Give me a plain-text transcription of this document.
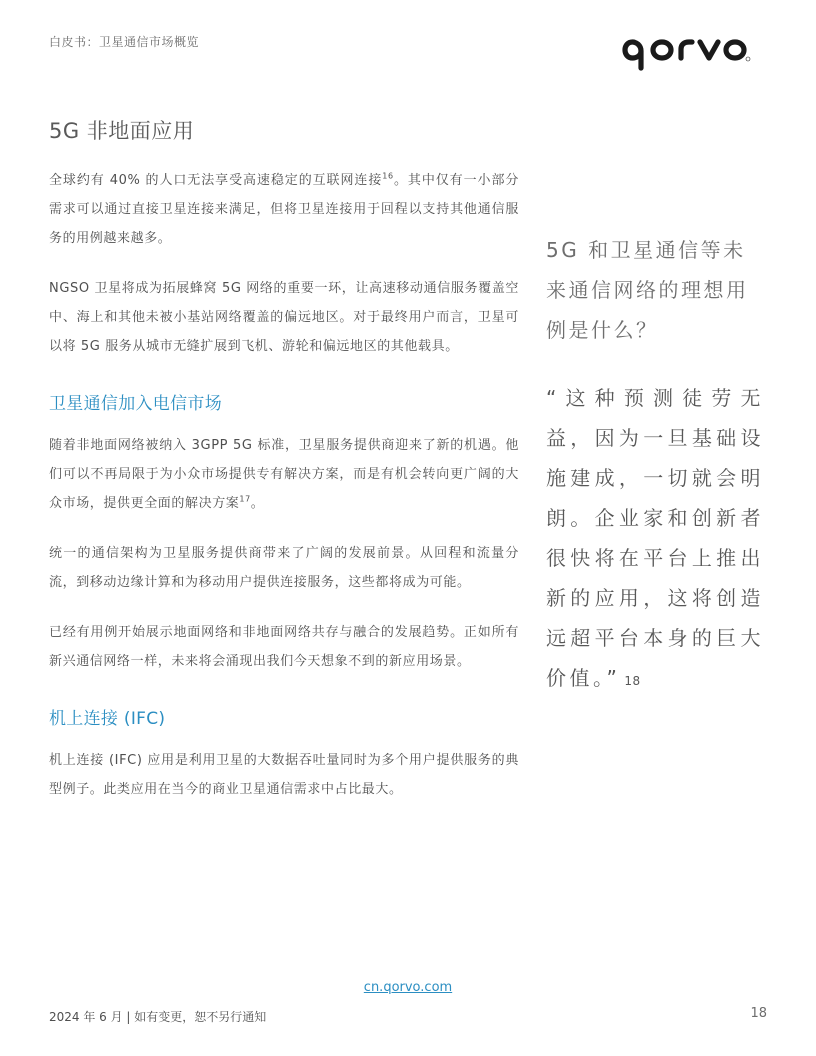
白皮书：卫星通信市场概览
5G 非地面应用

全球约有 40% 的人口无法享受高速稳定的互联网连接$^{16}$。其中仅有一小部分需求可以通过直接卫星连接来满足，但将卫星连接用于回程以支持其他通信服务的用例越来越多。

NGSO 卫星将成为拓展蜂窝 5G 网络的重要一环，让高速移动通信服务覆盖空中、海上和其他未被小基站网络覆盖的偏远地区。对于最终用户而言，卫星可以将 5G 服务从城市无缝扩展到飞机、游轮和偏远地区的其他载具。

卫星通信加入电信市场

随着非地面网络被纳入 3GPP 5G 标准，卫星服务提供商迎来了新的机遇。他们可以不再局限于为小众市场提供专有解决方案，而是有机会转向更广阔的大众市场，提供更全面的解决方案$^{17}$。

统一的通信架构为卫星服务提供商带来了广阔的发展前景。从回程和流量分流，到移动边缘计算和为移动用户提供连接服务，这些都将成为可能。

已经有用例开始展示地面网络和非地面网络共存与融合的发展趋势。正如所有新兴通信网络一样，未来将会涌现出我们今天想象不到的新应用场景。

机上连接 (IFC)

机上连接 (IFC) 应用是利用卫星的大数据吞吐量同时为多个用户提供服务的典型例子。此类应用在当今的商业卫星通信需求中占比最大。

5G 和卫星通信等未来通信网络的理想用例是什么？
“这种预测徒劳无益，因为一旦基础设施建成，一切就会明朗。企业家和创新者很快将在平台上推出新的应用，这将创造远超平台本身的巨大价值。” 18
cn.qorvo.com
2024 年 6 月 | 如有变更，恕不另行通知	18
